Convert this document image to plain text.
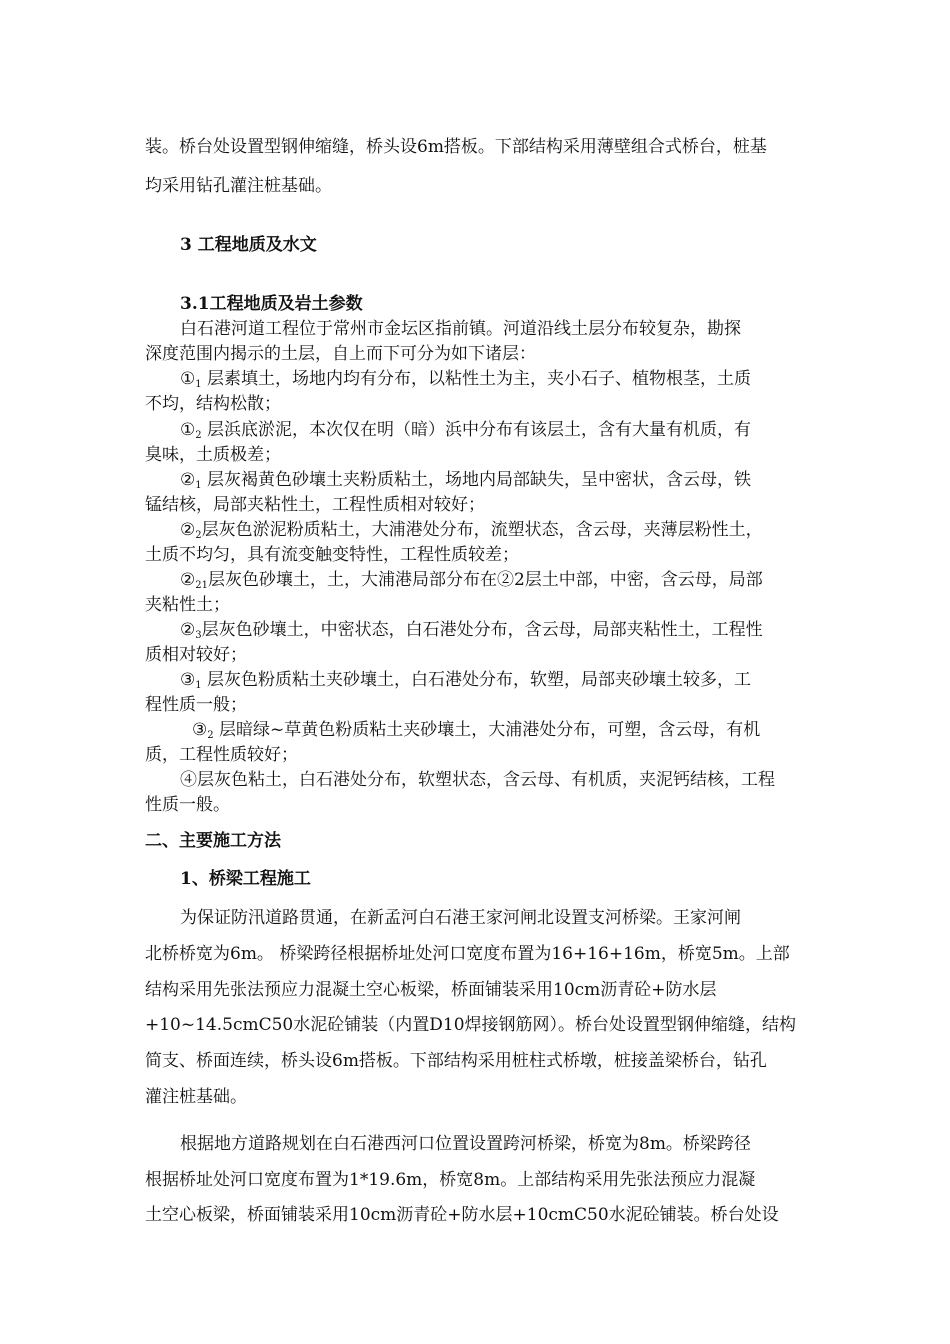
装。桥台处设置型钢伸缩缝，桥头设6m搭板。下部结构采用薄壁组合式桥台，桩基
均采用钻孔灌注桩基础。
3 工程地质及水文
3.1工程地质及岩土参数
白石港河道工程位于常州市金坛区指前镇。河道沿线土层分布较复杂，勘探
深度范围内揭示的土层，自上而下可分为如下诸层：
$①_1$ 层素填土，场地内均有分布，以粘性土为主，夹小石子、植物根茎，土质
不均，结构松散；
$①_2$ 层浜底淤泥，本次仅在明（暗）浜中分布有该层土，含有大量有机质，有
臭味，土质极差；
$②_1$ 层灰褐黄色砂壤土夹粉质粘土，场地内局部缺失，呈中密状，含云母，铁
锰结核，局部夹粘性土，工程性质相对较好；
$②_2$层灰色淤泥粉质粘土，大浦港处分布，流塑状态，含云母，夹薄层粉性土，
土质不均匀，具有流变触变特性，工程性质较差；
$②_{21}$层灰色砂壤土，土，大浦港局部分布在②2层土中部，中密，含云母，局部
夹粘性土；
$②_3$层灰色砂壤土，中密状态，白石港处分布，含云母，局部夹粘性土，工程性
质相对较好；
$③_1$ 层灰色粉质粘土夹砂壤土，白石港处分布，软塑，局部夹砂壤土较多，工
程性质一般；
$③_2$ 层暗绿~草黄色粉质粘土夹砂壤土，大浦港处分布，可塑，含云母，有机
质，工程性质较好；
④层灰色粘土，白石港处分布，软塑状态，含云母、有机质，夹泥钙结核，工程
性质一般。
二、主要施工方法
1、桥梁工程施工
为保证防汛道路贯通，在新孟河白石港王家河闸北设置支河桥梁。王家河闸
北桥桥宽为6m。 桥梁跨径根据桥址处河口宽度布置为16+16+16m，桥宽5m。上部
结构采用先张法预应力混凝土空心板梁，桥面铺装采用10cm沥青砼+防水层
+10~14.5cmC50水泥砼铺装（内置D10焊接钢筋网）。桥台处设置型钢伸缩缝，结构
简支、桥面连续，桥头设6m搭板。下部结构采用桩柱式桥墩，桩接盖梁桥台，钻孔
灌注桩基础。
根据地方道路规划在白石港西河口位置设置跨河桥梁，桥宽为8m。桥梁跨径
根据桥址处河口宽度布置为1*19.6m，桥宽8m。上部结构采用先张法预应力混凝
土空心板梁，桥面铺装采用10cm沥青砼+防水层+10cmC50水泥砼铺装。桥台处设
